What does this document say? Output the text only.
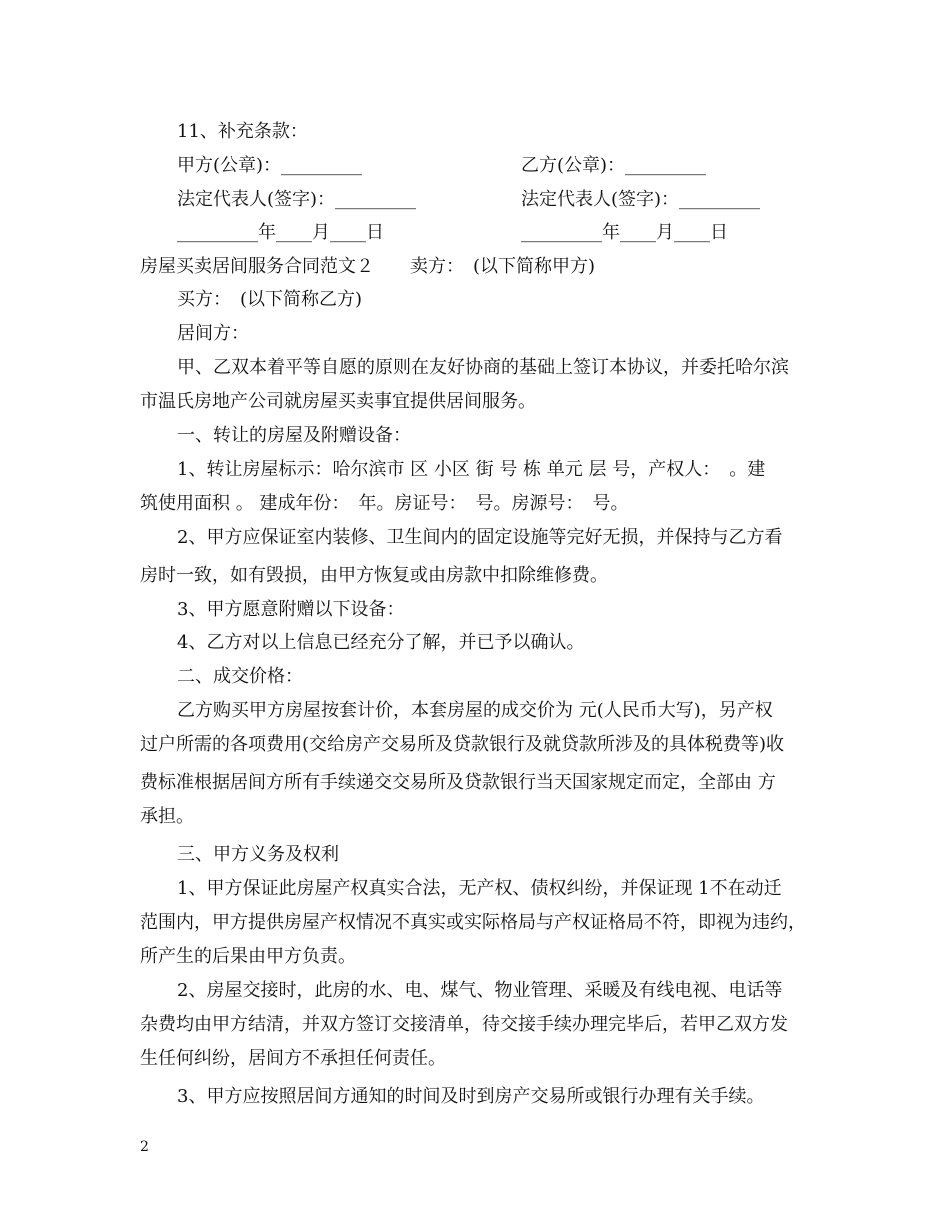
11、补充条款：
甲方(公章)：_________	乙方(公章)：_________
法定代表人(签字)：_________	法定代表人(签字)：_________
_________年____月____日	_________年____月____日
房屋买卖居间服务合同范文２　　卖方：　(以下简称甲方)
买方：　(以下简称乙方)
居间方：
甲、乙双本着平等自愿的原则在友好协商的基础上签订本协议，并委托哈尔滨
市温氏房地产公司就房屋买卖事宜提供居间服务。
一、转让的房屋及附赠设备：
1、转让房屋标示：哈尔滨市 区 小区 街 号 栋 单元 层 号，产权人：　。建
筑使用面积 。 建成年份：　年。房证号：　号。房源号：　号。
2、甲方应保证室内装修、卫生间内的固定设施等完好无损，并保持与乙方看
房时一致，如有毁损，由甲方恢复或由房款中扣除维修费。
3、甲方愿意附赠以下设备：
4、乙方对以上信息已经充分了解，并已予以确认。
二、成交价格：
乙方购买甲方房屋按套计价，本套房屋的成交价为 元(人民币大写)，另产权
过户所需的各项费用(交给房产交易所及贷款银行及就贷款所涉及的具体税费等)收
费标准根据居间方所有手续递交交易所及贷款银行当天国家规定而定，全部由 方
承担。
三、甲方义务及权利
1、甲方保证此房屋产权真实合法，无产权、债权纠纷，并保证现 1不在动迁
范围内，甲方提供房屋产权情况不真实或实际格局与产权证格局不符，即视为违约，
所产生的后果由甲方负责。
2、房屋交接时，此房的水、电、煤气、物业管理、采暖及有线电视、电话等
杂费均由甲方结清，并双方签订交接清单，待交接手续办理完毕后，若甲乙双方发
生任何纠纷，居间方不承担任何责任。
3、甲方应按照居间方通知的时间及时到房产交易所或银行办理有关手续。
2
